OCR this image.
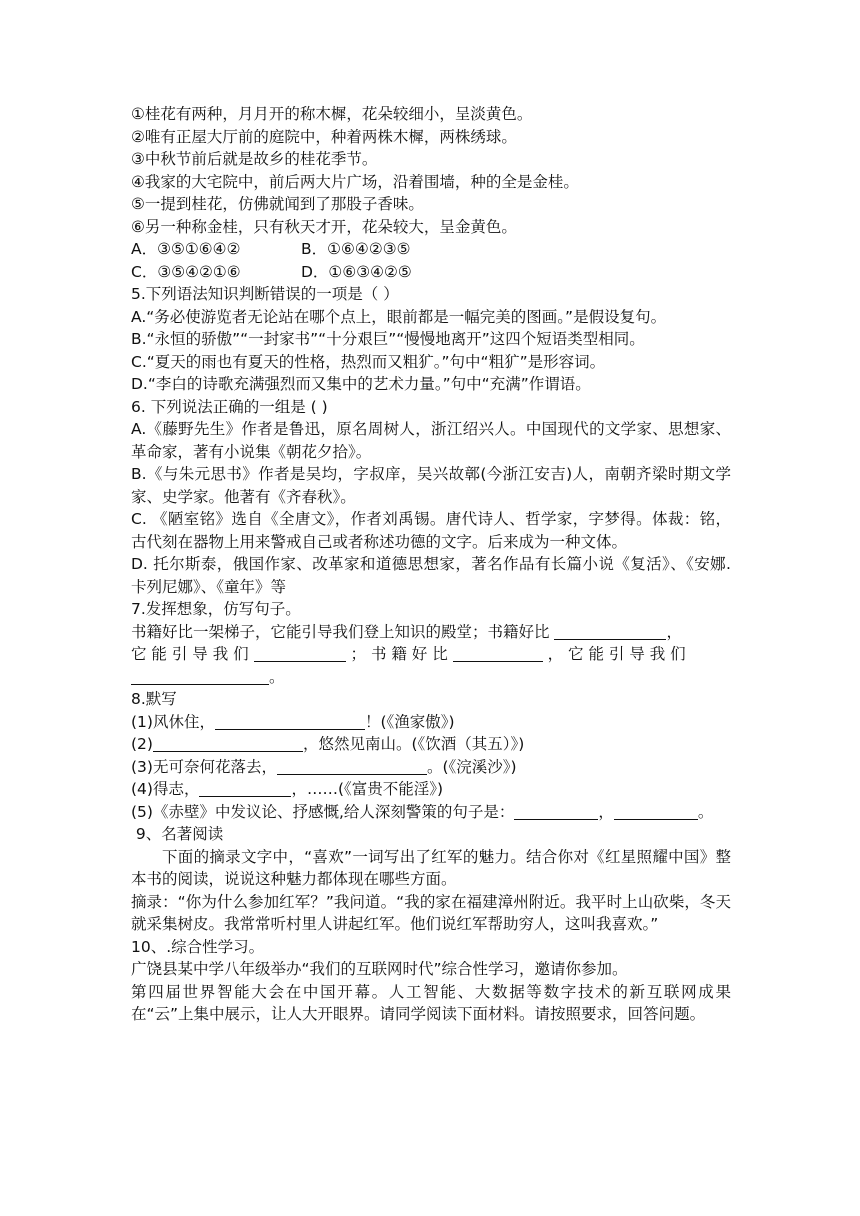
①桂花有两种，月月开的称木樨，花朵较细小，呈淡黄色。
②唯有正屋大厅前的庭院中，种着两株木樨，两株绣球。
③中秋节前后就是故乡的桂花季节。
④我家的大宅院中，前后两大片广场，沿着围墙，种的全是金桂。
⑤一提到桂花，仿佛就闻到了那股子香味。
⑥另一种称金桂，只有秋天才开，花朵较大，呈金黄色。
A．③⑤①⑥④②	B．①⑥④②③⑤
C．③⑤④②①⑥	D．①⑥③④②⑤
5.下列语法知识判断错误的一项是（ ）
A.“务必使游览者无论站在哪个点上，眼前都是一幅完美的图画。”是假设复句。
B.“永恒的骄傲”“一封家书”“十分艰巨”“慢慢地离开”这四个短语类型相同。
C.“夏天的雨也有夏天的性格，热烈而又粗犷。”句中“粗犷”是形容词。
D.“李白的诗歌充满强烈而又集中的艺术力量。”句中“充满”作谓语。
6. 下列说法正确的一组是 ( )
A.《藤野先生》作者是鲁迅，原名周树人，浙江绍兴人。中国现代的文学家、思想家、革命家，著有小说集《朝花夕拾》。
B.《与朱元思书》作者是吴均，字叔庠，吴兴故鄣(今浙江安吉)人，南朝齐梁时期文学家、史学家。他著有《齐春秋》。
C. 《陋室铭》选自《全唐文》，作者刘禹锡。唐代诗人、哲学家，字梦得。体裁：铭，古代刻在器物上用来警戒自己或者称述功德的文字。后来成为一种文体。
D. 托尔斯泰，俄国作家、改革家和道德思想家，著名作品有长篇小说《复活》、《安娜.卡列尼娜》、《童年》等
7.发挥想象，仿写句子。
书籍好比一架梯子，它能引导我们登上知识的殿堂；书籍好比	，
它 能 引 导 我 们	； 书 籍 好 比	， 它 能 引 导 我 们
。
8.默写
(1)风休住，	！(《渔家傲》)
(2)	，悠然见南山。(《饮酒（其五）》)
(3)无可奈何花落去，	。(《浣溪沙》)
(4)得志，	，……(《富贵不能淫》)
(5)《赤壁》中发议论、抒感慨,给人深刻警策的句子是：	，	。
9、名著阅读
下面的摘录文字中，“喜欢”一词写出了红军的魅力。结合你对《红星照耀中国》整本书的阅读，说说这种魅力都体现在哪些方面。
摘录：“你为什么参加红军？”我问道。“我的家在福建漳州附近。我平时上山砍柴，冬天就采集树皮。我常常听村里人讲起红军。他们说红军帮助穷人，这叫我喜欢。”
10、.综合性学习。
广饶县某中学八年级举办“我们的互联网时代”综合性学习，邀请你参加。
第四届世界智能大会在中国开幕。人工智能、大数据等数字技术的新互联网成果在“云”上集中展示，让人大开眼界。请同学阅读下面材料。请按照要求，回答问题。
